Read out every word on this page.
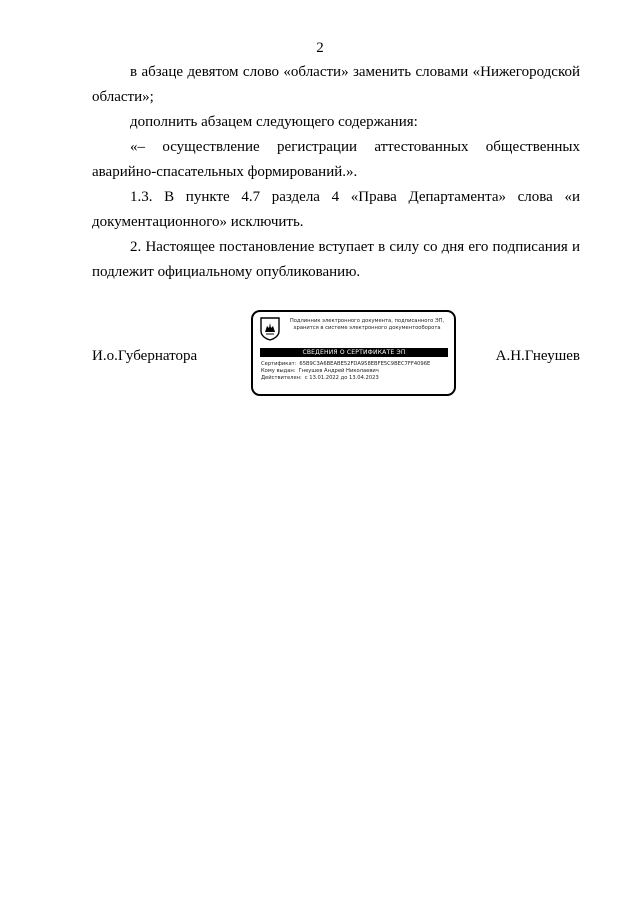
2

в абзаце девятом слово «области» заменить словами «Нижегородской области»;

дополнить абзацем следующего содержания:

«– осуществление регистрации аттестованных общественных аварийно-спасательных формирований.».

1.3. В пункте 4.7 раздела 4 «Права Департамента» слова «и документационного» исключить.

2. Настоящее постановление вступает в силу со дня его подписания и подлежит официальному опубликованию.

И.о.Губернатора	А.Н.Гнеушев
Подлинник электронного документа, подписанного ЭП,
хранится в системе электронного документооборота
СВЕДЕНИЯ О СЕРТИФИКАТЕ ЭП
Сертификат: 65B9C3A6BEABE52FDA958EBFE5C9BEC7FF4096E
Кому выдан: Гнеушев Андрей Николаевич
Действителен: с 13.01.2022 до 13.04.2023
